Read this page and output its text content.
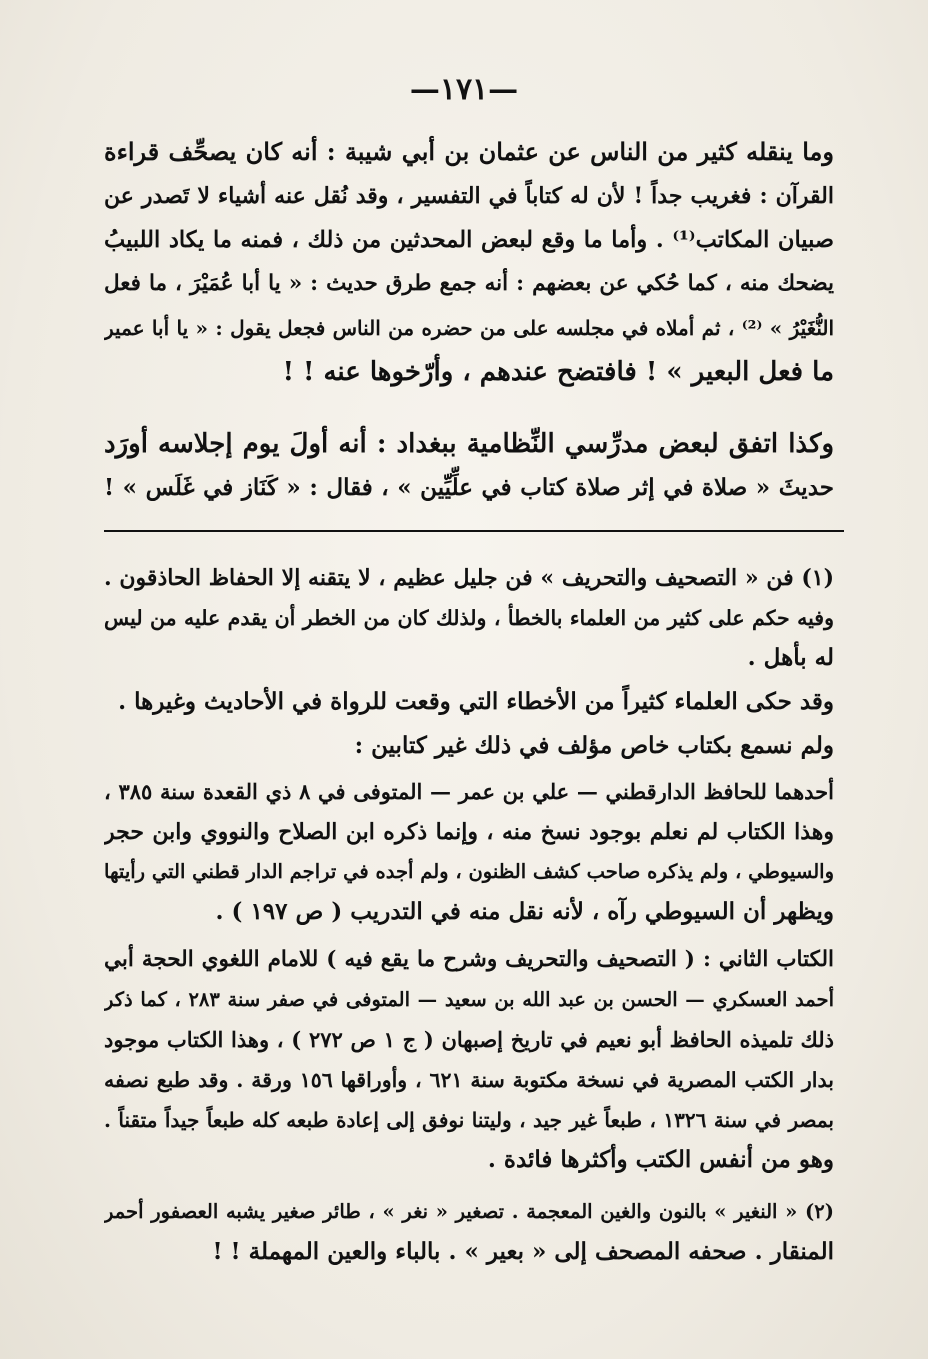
—١٧١—
وما ينقله كثير من الناس عن عثمان بن أبي شيبة : أنه كان يصحِّف قراءة
القرآن : فغريب جداً ! لأن له كتاباً في التفسير ، وقد نُقل عنه أشياء لا تَصدر عن
صبيان المكاتب⁽¹⁾ . وأما ما وقع لبعض المحدثين من ذلك ، فمنه ما يكاد اللبيبُ
يضحك منه ، كما حُكي عن بعضهم : أنه جمع طرق حديث : « يا أبا عُمَيْرَ ، ما فعل
النُّغَيْرُ » ⁽²⁾ ، ثم أملاه في مجلسه على من حضره من الناس فجعل يقول : « يا أبا عمير
ما فعل البعير » ! فافتضح عندهم ، وأرّخوها عنه ! !
وكذا اتفق لبعض مدرِّسي النِّظامية ببغداد : أنه أولَ يوم إجلاسه أورَد
حديثَ « صلاة في إثر صلاة كتاب في علِّيِّين » ، فقال : « كَنَاز في غَلَس » !
(١) فن « التصحيف والتحريف » فن جليل عظيم ، لا يتقنه إلا الحفاظ الحاذقون .
وفيه حكم على كثير من العلماء بالخطأ ، ولذلك كان من الخطر أن يقدم عليه من ليس
له بأهل .
وقد حكى العلماء كثيراً من الأخطاء التي وقعت للرواة في الأحاديث وغيرها .
ولم نسمع بكتاب خاص مؤلف في ذلك غير كتابين :
أحدهما للحافظ الدارقطني — علي بن عمر — المتوفى في ٨ ذي القعدة سنة ٣٨٥ ،
وهذا الكتاب لم نعلم بوجود نسخ منه ، وإنما ذكره ابن الصلاح والنووي وابن حجر
والسيوطي ، ولم يذكره صاحب كشف الظنون ، ولم أجده في تراجم الدار قطني التي رأيتها
ويظهر أن السيوطي رآه ، لأنه نقل منه في التدريب ( ص ١٩٧ ) .
الكتاب الثاني : ( التصحيف والتحريف وشرح ما يقع فيه ) للامام اللغوي الحجة أبي
أحمد العسكري — الحسن بن عبد الله بن سعيد — المتوفى في صفر سنة ٢٨٣ ، كما ذكر
ذلك تلميذه الحافظ أبو نعيم في تاريخ إصبهان ( ج ١ ص ٢٧٢ ) ، وهذا الكتاب موجود
بدار الكتب المصرية في نسخة مكتوبة سنة ٦٢١ ، وأوراقها ١٥٦ ورقة . وقد طبع نصفه
بمصر في سنة ١٣٢٦ ، طبعاً غير جيد ، وليتنا نوفق إلى إعادة طبعه كله طبعاً جيداً متقناً .
وهو من أنفس الكتب وأكثرها فائدة .
(٢) « النغير » بالنون والغين المعجمة . تصغير « نغر » ، طائر صغير يشبه العصفور أحمر
المنقار . صحفه المصحف إلى « بعير » . بالباء والعين المهملة ! !
